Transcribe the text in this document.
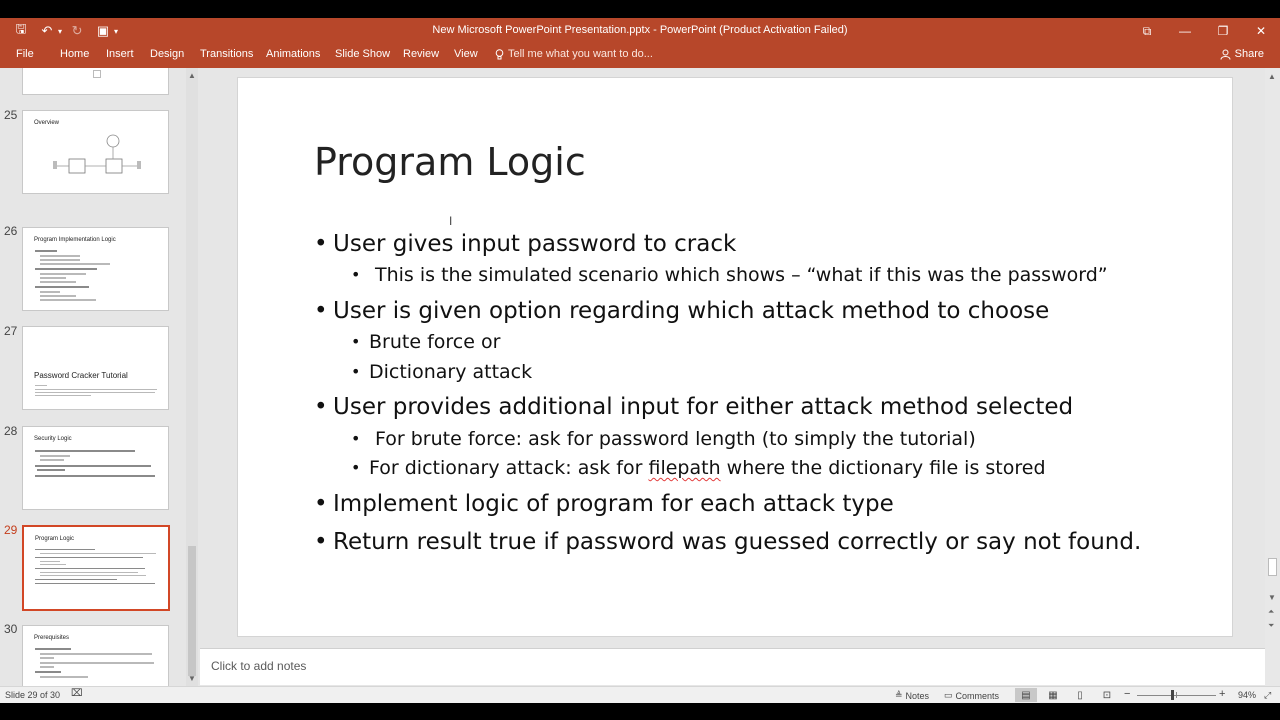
🖫	↶ ▾ ↻	▣ ▾	New Microsoft PowerPoint Presentation.pptx - PowerPoint (Product Activation Failed)	⧉	—	❐	✕
File Home Insert Design Transitions Animations Slide Show Review View	Tell me what you want to do...	Share
25
Overview
26
Program Implementation Logic
27
Password Cracker Tutorial
28
Security Logic
29
Program Logic
30
Prerequisites
▲
▼
Program Logic
• User gives input password to crack
• This is the simulated scenario which shows – “what if this was the password”
• User is given option regarding which attack method to choose
• Brute force or
• Dictionary attack
• User provides additional input for either attack method selected
• For brute force: ask for password length (to simply the tutorial)
• For dictionary attack: ask for filepath where the dictionary file is stored
• Implement logic of program for each attack type
• Return result true if password was guessed correctly or say not found.
I
Click to add notes
▲
▼
⏶
⏷
Slide 29 of 30 ⌧	≜ Notes ▭ Comments	▤	▦	▯	⊡	−	+ 94% ⤢
